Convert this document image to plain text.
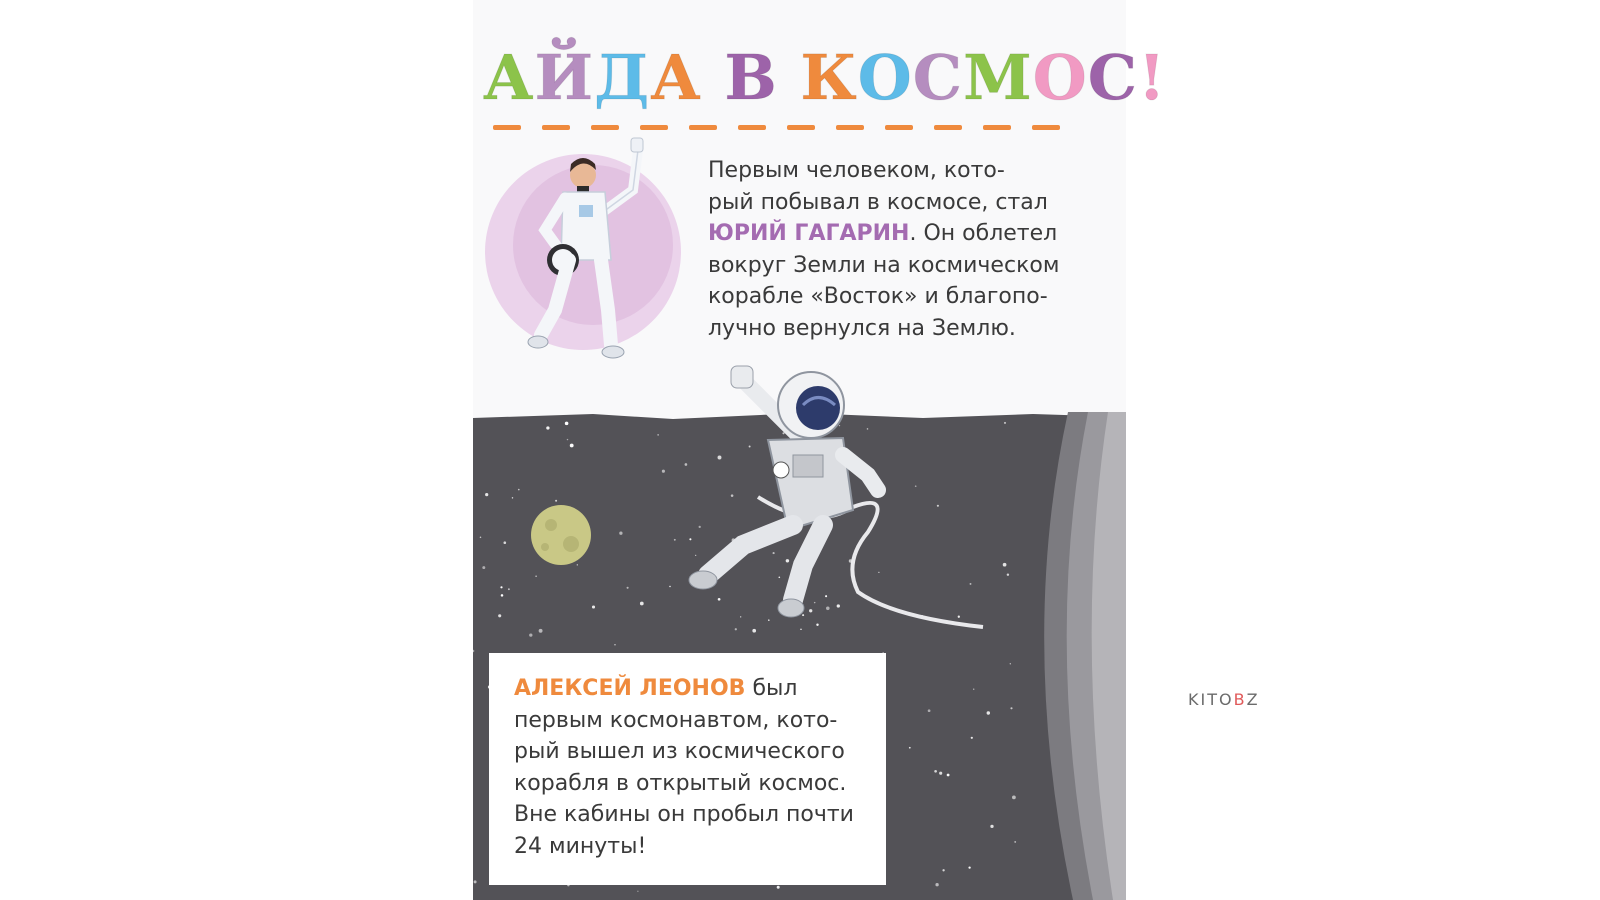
АЙДА В КОСМОС!

Первым человеком, кото-
рый побывал в космосе, стал
ЮРИЙ ГАГАРИН. Он облетел
вокруг Земли на космическом
корабле «Восток» и благопо-
лучно вернулся на Землю.

АЛЕКСЕЙ ЛЕОНОВ был
первым космонавтом, кото-
рый вышел из космического
корабля в открытый космос.
Вне кабины он пробыл почти
24 минуты!

KITOBZ
